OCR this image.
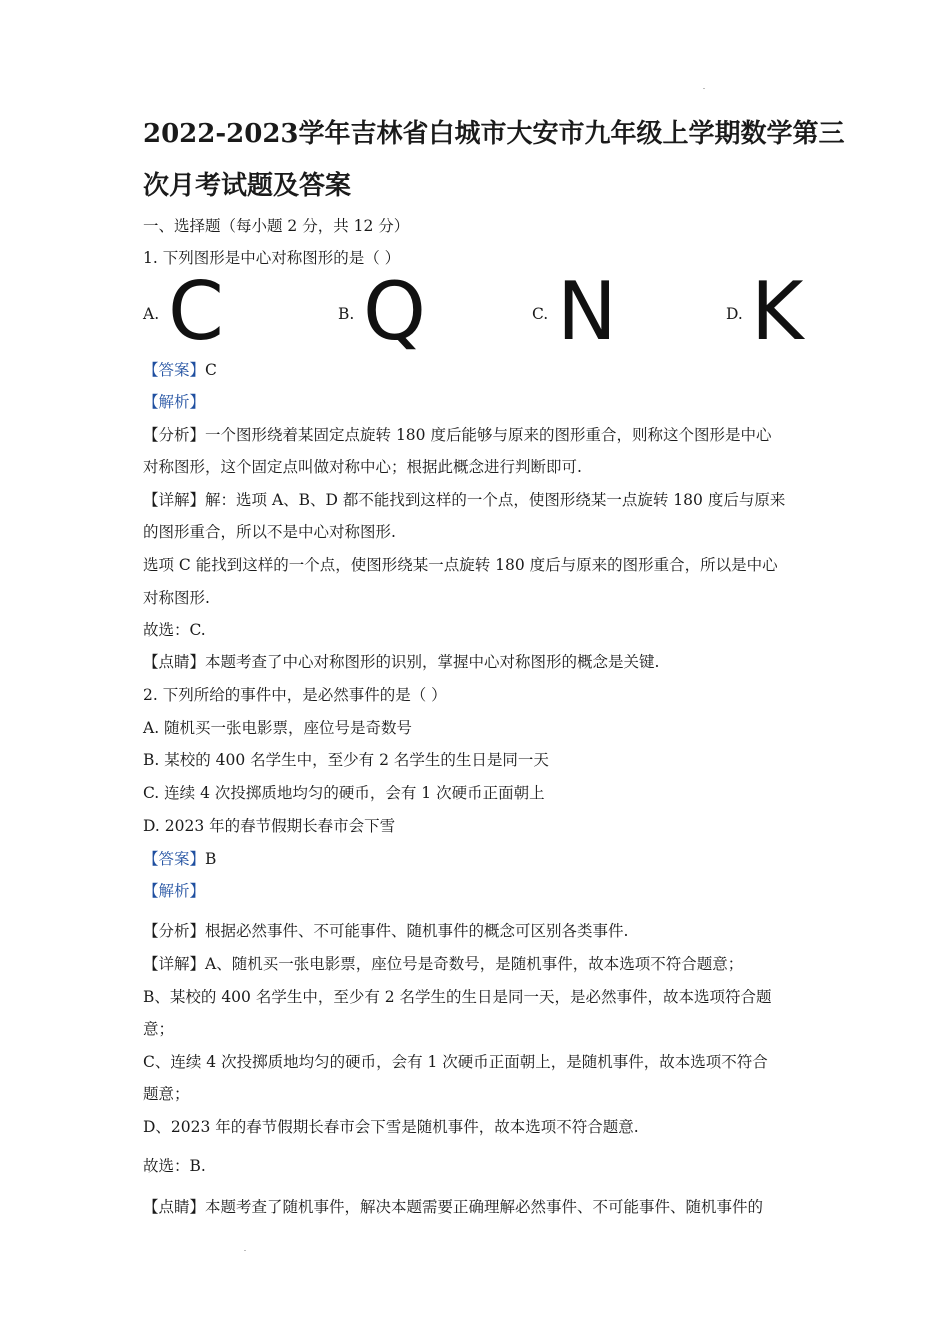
2022-2023学年吉林省白城市大安市九年级上学期数学第三
次月考试题及答案
一、选择题（每小题 2 分，共 12 分）
1. 下列图形是中心对称图形的是（ ）
A. C	B. Q	C. N	D. K
【答案】C
【解析】
【分析】一个图形绕着某固定点旋转 180 度后能够与原来的图形重合，则称这个图形是中心
对称图形，这个固定点叫做对称中心；根据此概念进行判断即可.
【详解】解：选项 A、B、D 都不能找到这样的一个点，使图形绕某一点旋转 180 度后与原来
的图形重合，所以不是中心对称图形.
选项 C 能找到这样的一个点，使图形绕某一点旋转 180 度后与原来的图形重合，所以是中心
对称图形.
故选：C.
【点睛】本题考查了中心对称图形的识别，掌握中心对称图形的概念是关键.
2. 下列所给的事件中，是必然事件的是（ ）
A. 随机买一张电影票，座位号是奇数号
B. 某校的 400 名学生中，至少有 2 名学生的生日是同一天
C. 连续 4 次投掷质地均匀的硬币，会有 1 次硬币正面朝上
D. 2023 年的春节假期长春市会下雪
【答案】B
【解析】
【分析】根据必然事件、不可能事件、随机事件的概念可区别各类事件.
【详解】A、随机买一张电影票，座位号是奇数号，是随机事件，故本选项不符合题意；
B、某校的 400 名学生中，至少有 2 名学生的生日是同一天，是必然事件，故本选项符合题
意；
C、连续 4 次投掷质地均匀的硬币，会有 1 次硬币正面朝上，是随机事件，故本选项不符合
题意；
D、2023 年的春节假期长春市会下雪是随机事件，故本选项不符合题意.
故选：B.
【点睛】本题考查了随机事件，解决本题需要正确理解必然事件、不可能事件、随机事件的
